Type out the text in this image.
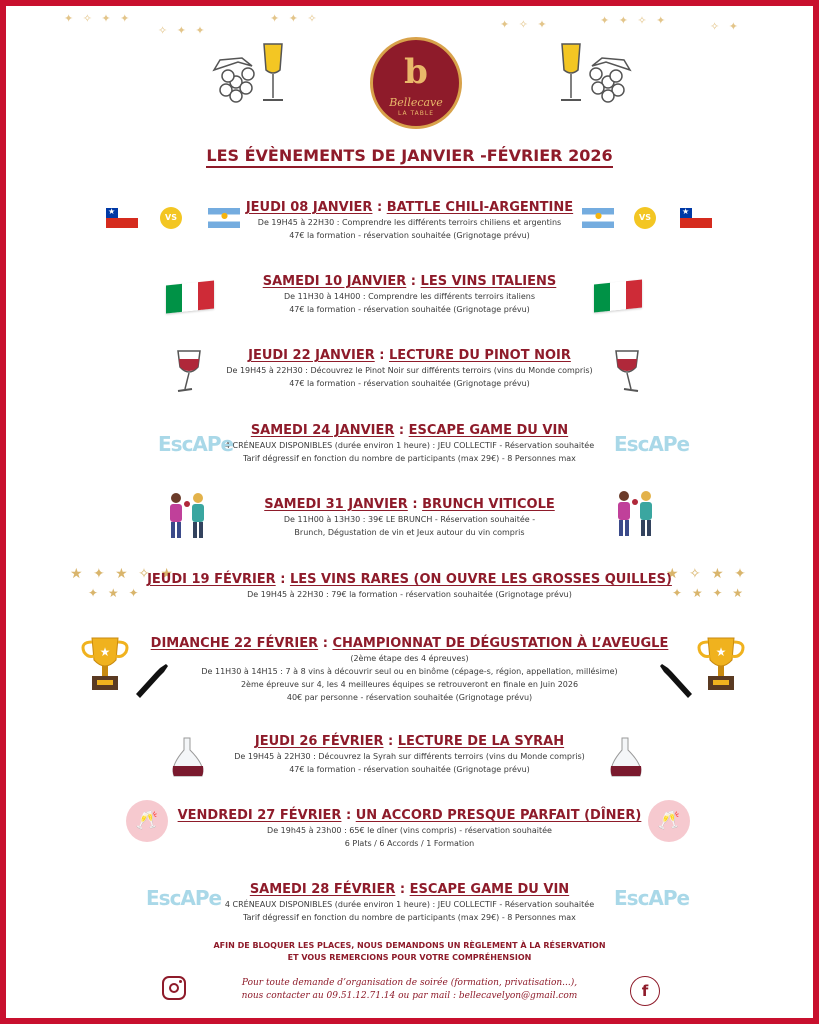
✦ ✧ ✦ ✦
✧ ✦ ✦
✦ ✦ ✧	✦ ✧ ✦	✦ ✦ ✧ ✦	✧ ✦
b
Bellecave
LA TABLE
LES ÉVÈNEMENTS DE JANVIER -FÉVRIER 2026
JEUDI 08 JANVIER : BATTLE CHILI-ARGENTINE
De 19H45 à 22H30 : Comprendre les différents terroirs chiliens et argentins
47€ la formation - réservation souhaitée (Grignotage prévu)
★
VS ● ●	VS
★
SAMEDI 10 JANVIER : LES VINS ITALIENS
De 11H30 à 14H00 : Comprendre les différents terroirs italiens
47€ la formation - réservation souhaitée (Grignotage prévu)
JEUDI 22 JANVIER : LECTURE DU PINOT NOIR
De 19H45 à 22H30 : Découvrez le Pinot Noir sur différents terroirs (vins du Monde compris)
47€ la formation - réservation souhaitée (Grignotage prévu)
SAMEDI 24 JANVIER : ESCAPE GAME DU VIN
4 CRÉNEAUX DISPONIBLES (durée environ 1 heure) : JEU COLLECTIF - Réservation souhaitée
Tarif dégressif en fonction du nombre de participants (max 29€) - 8 Personnes max
EscAPe	EscAPe
SAMEDI 31 JANVIER : BRUNCH VITICOLE
De 11H00 à 13H30 : 39€ LE BRUNCH - Réservation souhaitée -
Brunch, Dégustation de vin et Jeux autour du vin compris
★ ✦ ★ ✧ ★
✦ ★ ✦
★ ✧ ★ ✦
✦ ★ ✦ ★
JEUDI 19 FÉVRIER : LES VINS RARES (ON OUVRE LES GROSSES QUILLES)
De 19H45 à 22H30 : 79€ la formation - réservation souhaitée (Grignotage prévu)
DIMANCHE 22 FÉVRIER : CHAMPIONNAT DE DÉGUSTATION À L’AVEUGLE
(2ème étape des 4 épreuves)
De 11H30 à 14H15 : 7 à 8 vins à découvrir seul ou en binôme (cépage-s, région, appellation, millésime)
2ème épreuve sur 4, les 4 meilleures équipes se retrouveront en finale en Juin 2026
40€ par personne - réservation souhaitée (Grignotage prévu)
★	★
JEUDI 26 FÉVRIER : LECTURE DE LA SYRAH
De 19H45 à 22H30 : Découvrez la Syrah sur différents terroirs (vins du Monde compris)
47€ la formation - réservation souhaitée (Grignotage prévu)
VENDREDI 27 FÉVRIER : UN ACCORD PRESQUE PARFAIT (DÎNER)
De 19h45 à 23h00 : 65€ le dîner (vins compris) - réservation souhaitée
6 Plats / 6 Accords / 1 Formation
🥂	🥂
SAMEDI 28 FÉVRIER : ESCAPE GAME DU VIN
4 CRÉNEAUX DISPONIBLES (durée environ 1 heure) : JEU COLLECTIF - Réservation souhaitée
Tarif dégressif en fonction du nombre de participants (max 29€) - 8 Personnes max
EscAPe	EscAPe
AFIN DE BLOQUER LES PLACES, NOUS DEMANDONS UN RÈGLEMENT À LA RÉSERVATION
ET VOUS REMERCIONS POUR VOTRE COMPRÉHENSION
Pour toute demande d’organisation de soirée (formation, privatisation...),
nous contacter au 09.51.12.71.14 ou par mail : bellecavelyon@gmail.com	f
